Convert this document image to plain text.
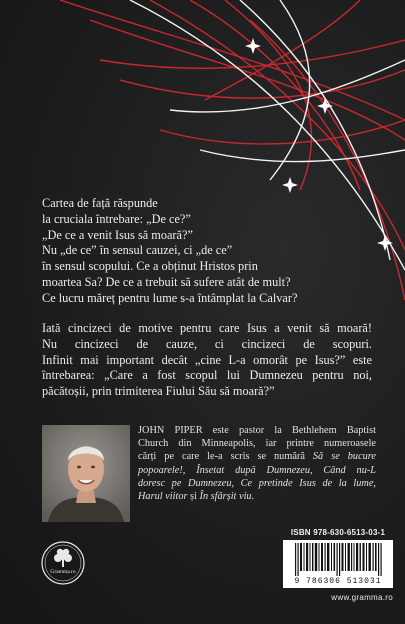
Cartea de față răspunde
la cruciala întrebare: „De ce?”
„De ce a venit Isus să moară?”
Nu „de ce” în sensul cauzei, ci „de ce”
în sensul scopului. Ce a obținut Hristos prin
moartea Sa? De ce a trebuit să sufere atât de mult?
Ce lucru măreț pentru lume s-a întâmplat la Calvar?
Iată cincizeci de motive pentru care Isus a venit să moară!
Nu cincizeci de cauze, ci cincizeci de scopuri.
Infinit mai important decât „cine L-a omorât pe Isus?” este
întrebarea: „Care a fost scopul lui Dumnezeu pentru noi,
păcătoșii, prin trimiterea Fiului Său să moară?”
JOHN PIPER este pastor la Bethlehem Baptist
Church din Minneapolis, iar printre numeroasele
cărți pe care le-a scris se numără Să se bucure
popoarele!, Însetat după Dumnezeu, Când nu-L
doresc pe Dumnezeu, Ce pretinde Isus de la lume,
Harul viitor și În sfârșit viu.
Gramma.ro
ISBN 978-630-6513-03-1
9 786306 513031
www.gramma.ro
